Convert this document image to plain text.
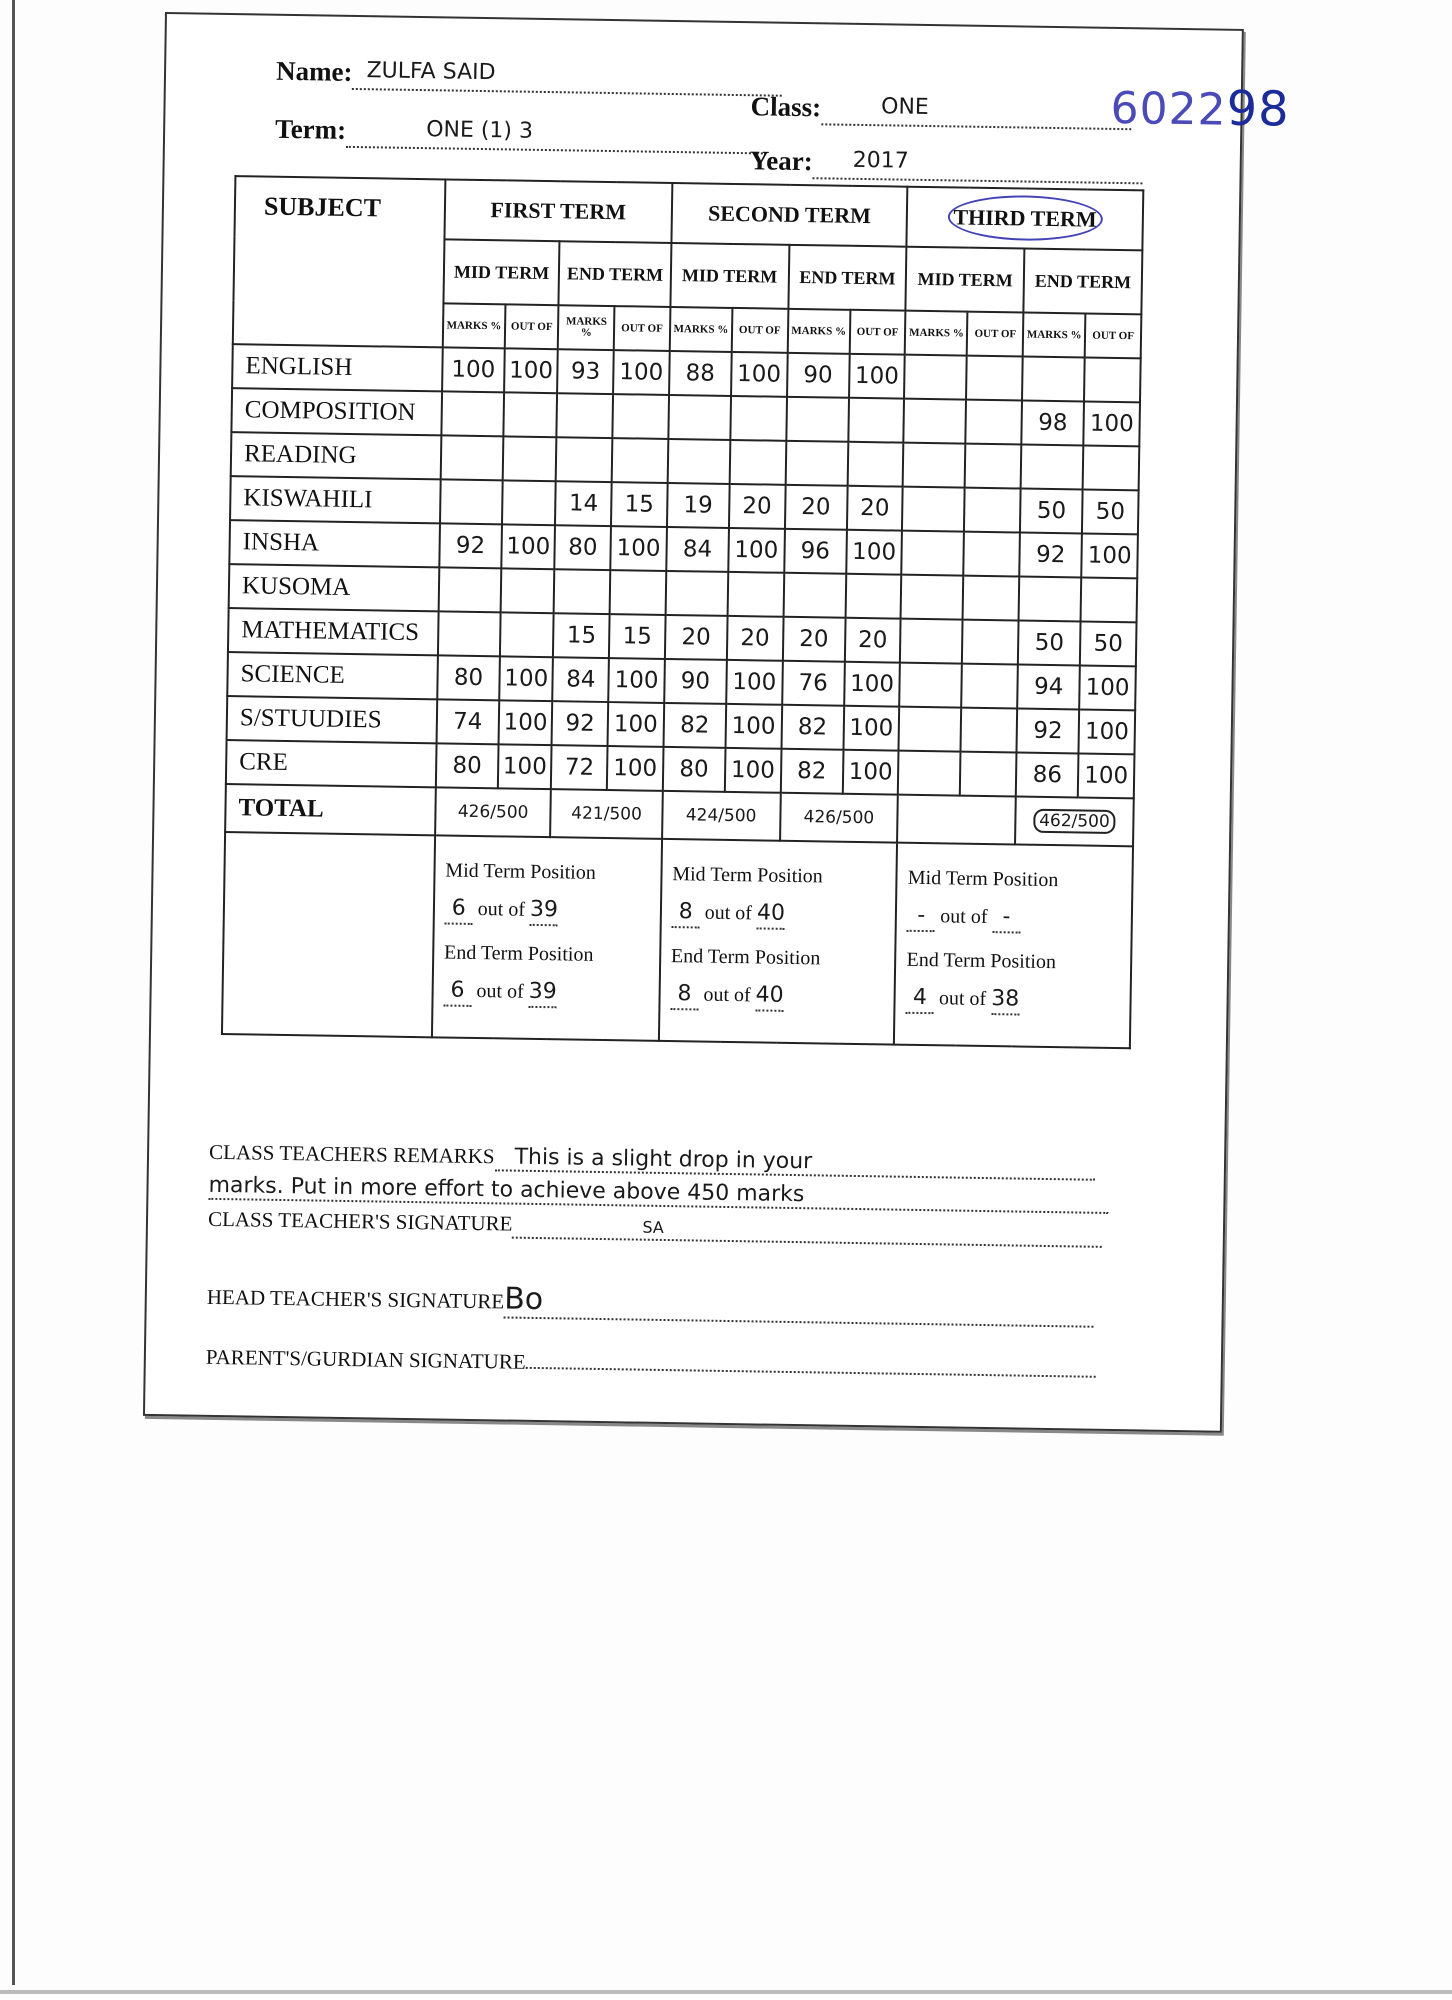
Name: ZULFA SAID
Class:	ONE
Term:	ONE (1) 3
Year: 2017
602298
SUBJECT	FIRST TERM				SECOND TERM				THIRD TERM			
	MID TERM		END TERM		MID TERM		END TERM		MID TERM		END TERM	
	MARKS %	OUT OF	MARKS %	OUT OF	MARKS %	OUT OF	MARKS %	OUT OF	MARKS %	OUT OF	MARKS %	OUT OF
ENGLISH	100	100	93	100	88	100	90	100				
COMPOSITION											98	100
READING												
KISWAHILI			14	15	19	20	20	20			50	50
INSHA	92	100	80	100	84	100	96	100			92	100
KUSOMA												
MATHEMATICS			15	15	20	20	20	20			50	50
SCIENCE	80	100	84	100	90	100	76	100			94	100
S/STUUDIES	74	100	92	100	82	100	82	100			92	100
CRE	80	100	72	100	80	100	82	100			86	100
TOTAL	426/500		421/500		424/500		426/500				462/500	

	Mid Term Position
6 out of 39
End Term Position
6 out of 39				Mid Term Position
8 out of 40
End Term Position
8 out of 40				Mid Term Position
- out of -
End Term Position
4 out of 38			
CLASS TEACHERS REMARKS This is a slight drop in your
marks. Put in more effort to achieve above 450 marks
CLASS TEACHER'S SIGNATURE	SA
HEAD TEACHER'S SIGNATUREBo
PARENT'S/GURDIAN SIGNATURE
